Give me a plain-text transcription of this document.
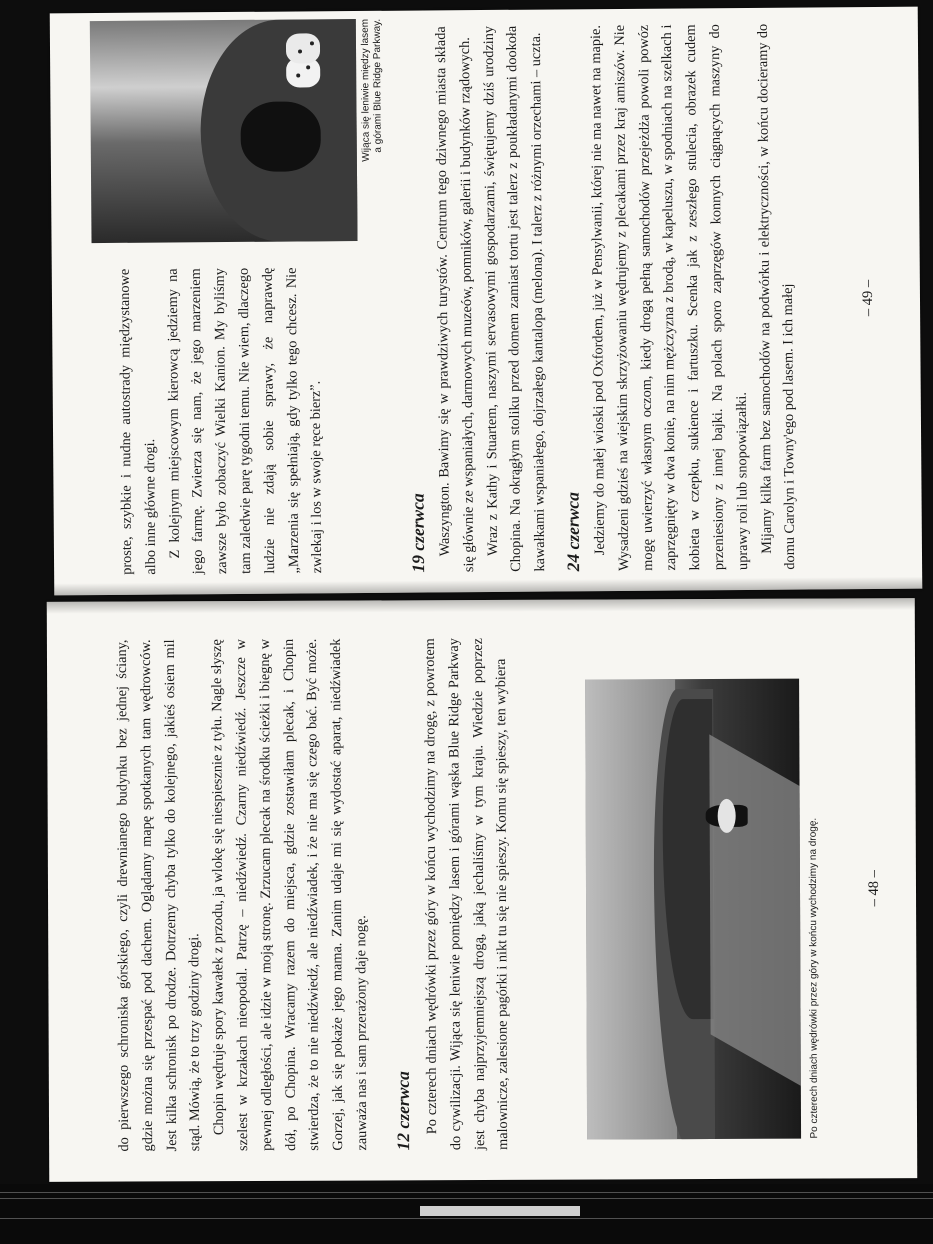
do pierwszego schroniska górskiego, czyli drewnianego budynku bez jednej ściany, gdzie można się przespać pod dachem. Oglądamy mapę spotkanych tam wędrowców. Jest kilka schronisk po drodze. Dotrzemy chyba tylko do kolejnego, jakieś osiem mil stąd. Mówią, że to trzy godziny drogi. Chopin wędruje spory kawałek z przodu, ja wlokę się niespiesznie z tyłu. Nagle słyszę szelest w krzakach nieopodal. Patrzę – niedźwiedź. Czarny niedźwiedź. Jeszcze w pewnej odległości, ale idzie w moją stronę. Zrzucam plecak na środku ścieżki i biegnę w dół, po Chopina. Wracamy razem do miejsca, gdzie zostawiłam plecak, i Chopin stwierdza, że to nie niedźwiedź, ale niedźwiadek, i że nie ma się czego bać. Być może. Gorzej, jak się pokaże jego mama. Zanim udaje mi się wydostać aparat, niedźwiadek zauważa nas i sam przerażony daje nogę. 12 czerwca Po czterech dniach wędrówki przez góry w końcu wychodzimy na drogę, z powrotem do cywilizacji. Wijąca się leniwie pomiędzy lasem i górami wąska Blue Ridge Parkway jest chyba najprzyjemniejszą drogą, jaką jechaliśmy w tym kraju. Wiedzie poprzez malownicze, zalesione pagórki i nikt tu się nie spieszy. Komu się spieszy, ten wybiera	Po czterech dniach wędrówki przez góry w końcu wychodzimy na drogę.	– 48 –

proste, szybkie i nudne autostrady międzystanowe albo inne główne drogi. Z kolejnym miejscowym kierowcą jedziemy na jego farmę. Zwierza się nam, że jego marzeniem zawsze było zobaczyć Wielki Kanion. My byliśmy tam zaledwie parę tygodni temu. Nie wiem, dlaczego ludzie nie zdają sobie sprawy, że naprawdę „Marzenia się spełniają, gdy tylko tego chcesz. Nie zwlekaj i los w swoje ręce bierz”.

Wijąca się leniwie między lasem a górami Blue Ridge Parkway.
19 czerwca Waszyngton. Bawimy się w prawdziwych turystów. Centrum tego dziwnego miasta składa się głównie ze wspaniałych, darmowych muzeów, pomników, galerii i budynków rządowych. Wraz z Kathy i Stuartem, naszymi servasowymi gospodarzami, świętujemy dziś urodziny Chopina. Na okrągłym stoliku przed domem zamiast tortu jest talerz z poukładanymi dookoła kawałkami wspaniałego, dojrzałego kantalopa (melona). I talerz z różnymi orzechami – uczta. 24 czerwca Jedziemy do małej wioski pod Oxfordem, już w Pensylwanii, której nie ma nawet na mapie. Wysadzeni gdzieś na wiejskim skrzyżowaniu wędrujemy z plecakami przez kraj amiszów. Nie mogę uwierzyć własnym oczom, kiedy drogą pełną samochodów przejeżdża powoli powóz zaprzęgnięty w dwa konie, na nim mężczyzna z brodą, w kapeluszu, w spodniach na szelkach i kobieta w czepku, sukience i fartuszku. Scenka jak z zeszłego stulecia, obrazek cudem przeniesiony z innej bajki. Na polach sporo zaprzęgów konnych ciągnących maszyny do uprawy roli lub snopowiązałki. Mijamy kilka farm bez samochodów na podwórku i elektryczności, w końcu docieramy do domu Carolyn i Towny'ego pod lasem. I ich małej	– 49 –
